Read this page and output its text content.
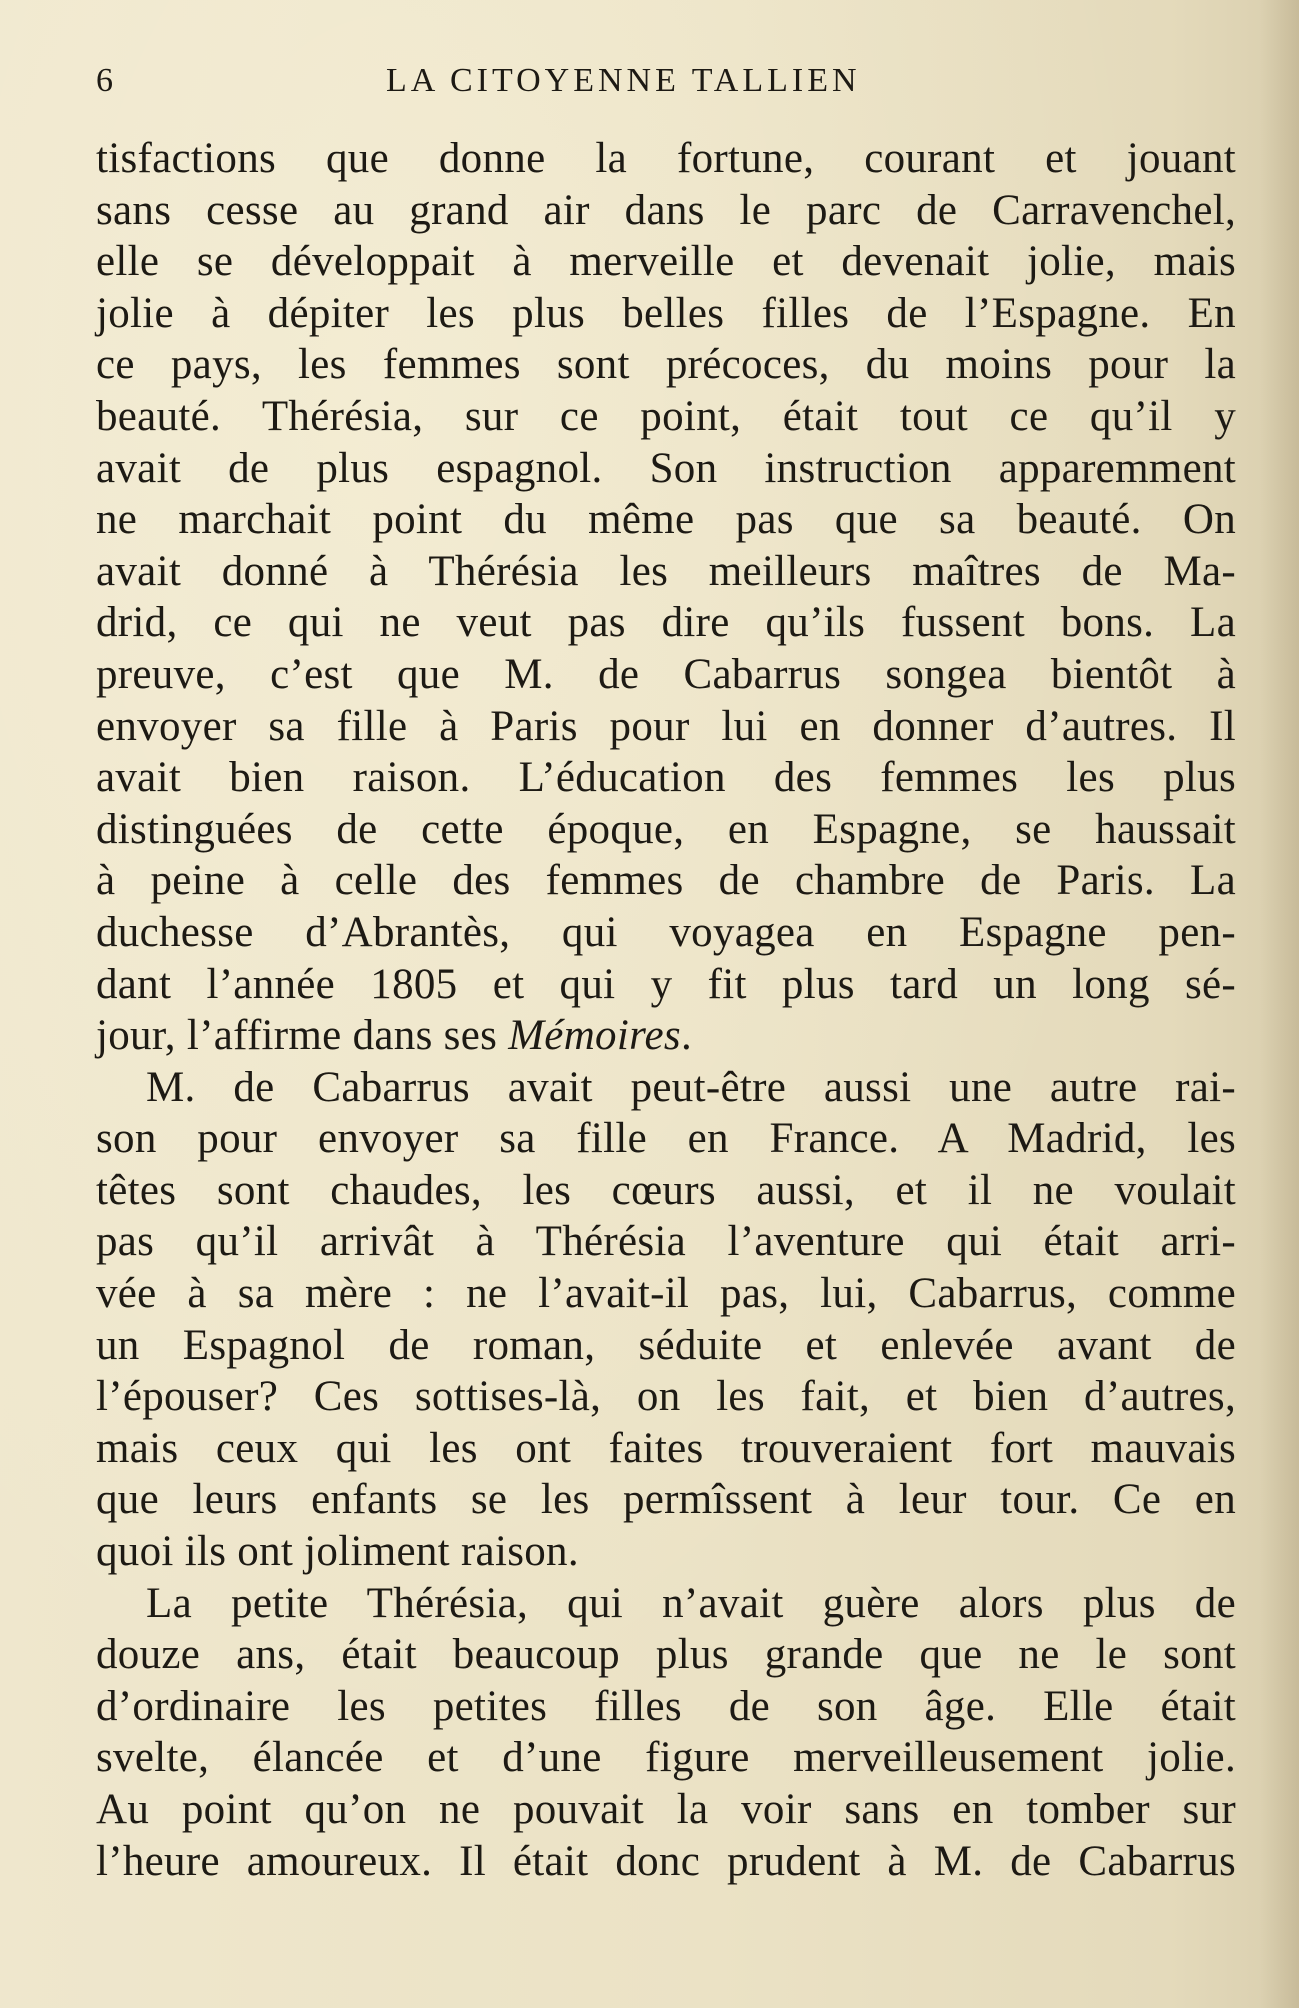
6	LA CITOYENNE TALLIEN
tisfactions que donne la fortune, courant et jouant
sans cesse au grand air dans le parc de Carravenchel,
elle se développait à merveille et devenait jolie, mais
jolie à dépiter les plus belles filles de l’Espagne. En
ce pays, les femmes sont précoces, du moins pour la
beauté. Thérésia, sur ce point, était tout ce qu’il y
avait de plus espagnol. Son instruction apparemment
ne marchait point du même pas que sa beauté. On
avait donné à Thérésia les meilleurs maîtres de Ma-
drid, ce qui ne veut pas dire qu’ils fussent bons. La
preuve, c’est que M. de Cabarrus songea bientôt à
envoyer sa fille à Paris pour lui en donner d’autres. Il
avait bien raison. L’éducation des femmes les plus
distinguées de cette époque, en Espagne, se haussait
à peine à celle des femmes de chambre de Paris. La
duchesse d’Abrantès, qui voyagea en Espagne pen-
dant l’année 1805 et qui y fit plus tard un long sé-
jour, l’affirme dans ses Mémoires.
M. de Cabarrus avait peut-être aussi une autre rai-
son pour envoyer sa fille en France. A Madrid, les
têtes sont chaudes, les cœurs aussi, et il ne voulait
pas qu’il arrivât à Thérésia l’aventure qui était arri-
vée à sa mère : ne l’avait-il pas, lui, Cabarrus, comme
un Espagnol de roman, séduite et enlevée avant de
l’épouser? Ces sottises-là, on les fait, et bien d’autres,
mais ceux qui les ont faites trouveraient fort mauvais
que leurs enfants se les permîssent à leur tour. Ce en
quoi ils ont joliment raison.
La petite Thérésia, qui n’avait guère alors plus de
douze ans, était beaucoup plus grande que ne le sont
d’ordinaire les petites filles de son âge. Elle était
svelte, élancée et d’une figure merveilleusement jolie.
Au point qu’on ne pouvait la voir sans en tomber sur
l’heure amoureux. Il était donc prudent à M. de Cabarrus
